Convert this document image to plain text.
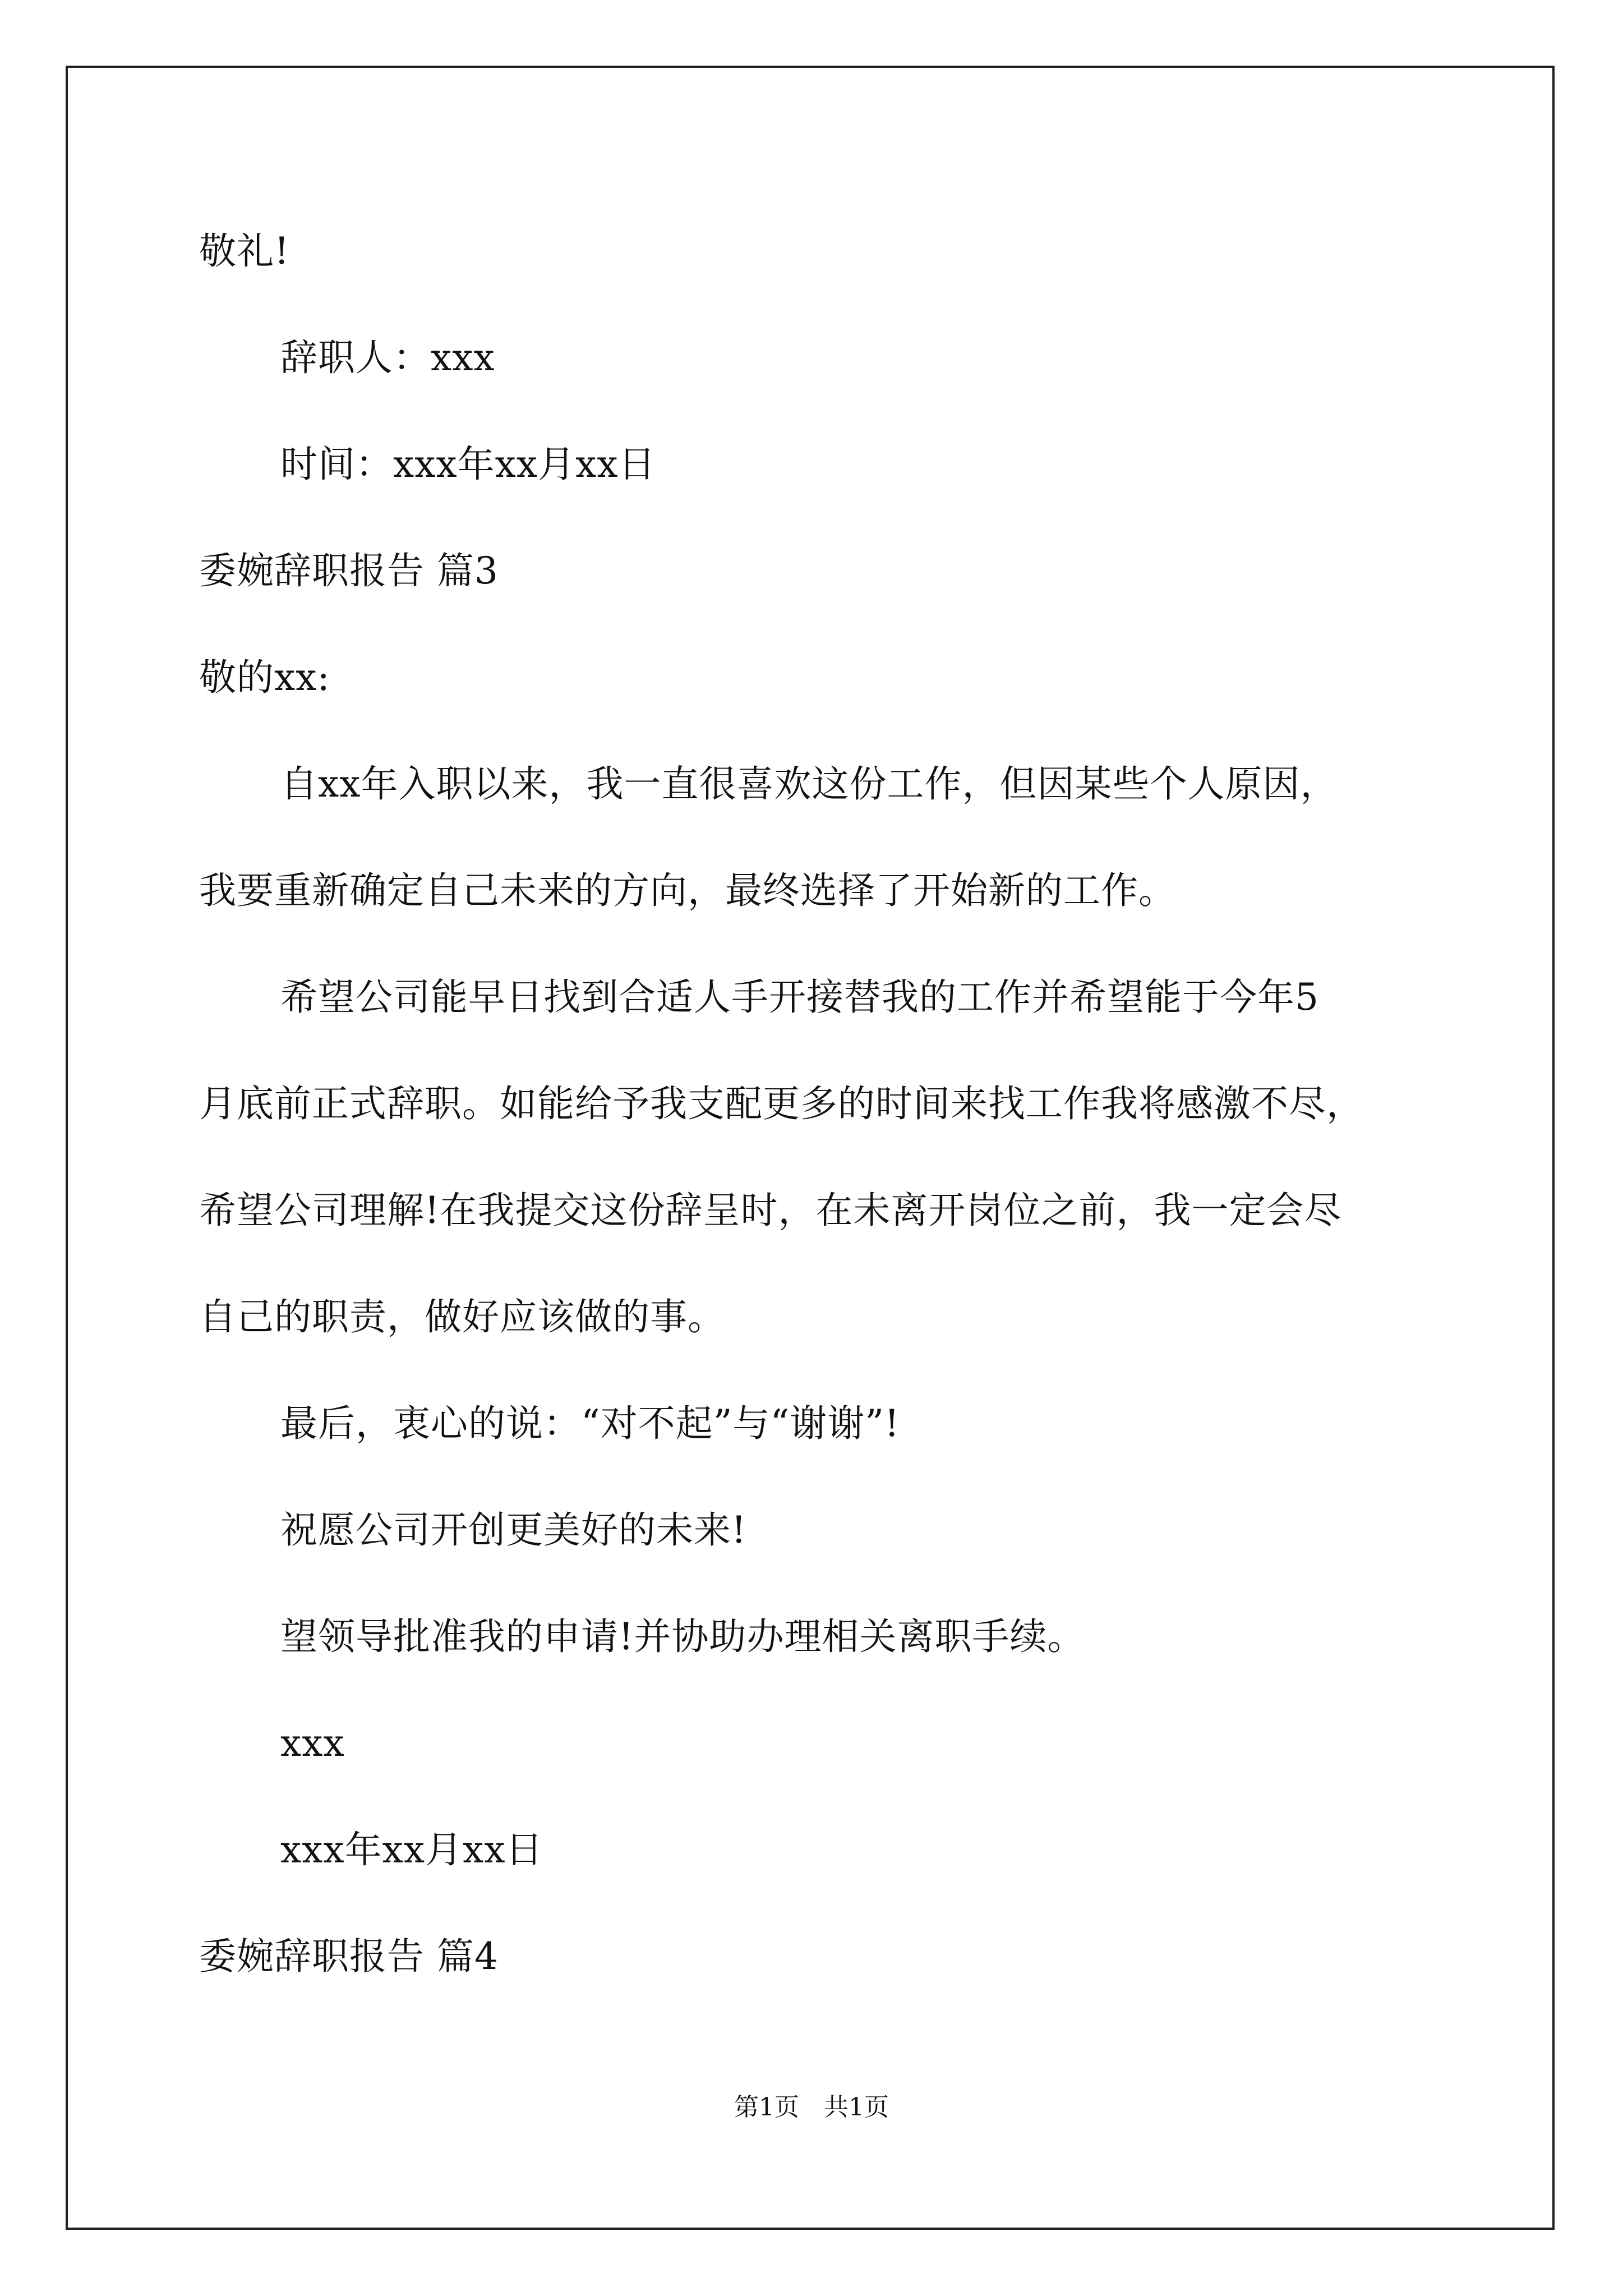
敬礼!
辞职人：xxx
时间：xxx年xx月xx日
委婉辞职报告 篇3
敬的xx:
自xx年入职以来，我一直很喜欢这份工作，但因某些个人原因，
我要重新确定自己未来的方向，最终选择了开始新的工作。
希望公司能早日找到合适人手开接替我的工作并希望能于今年5
月底前正式辞职。如能给予我支配更多的时间来找工作我将感激不尽，
希望公司理解!在我提交这份辞呈时，在未离开岗位之前，我一定会尽
自己的职责，做好应该做的事。
最后，衷心的说：“对不起”与“谢谢”!
祝愿公司开创更美好的未来!
望领导批准我的申请!并协助办理相关离职手续。
xxx
xxx年xx月xx日
委婉辞职报告 篇4
第1页　共1页
